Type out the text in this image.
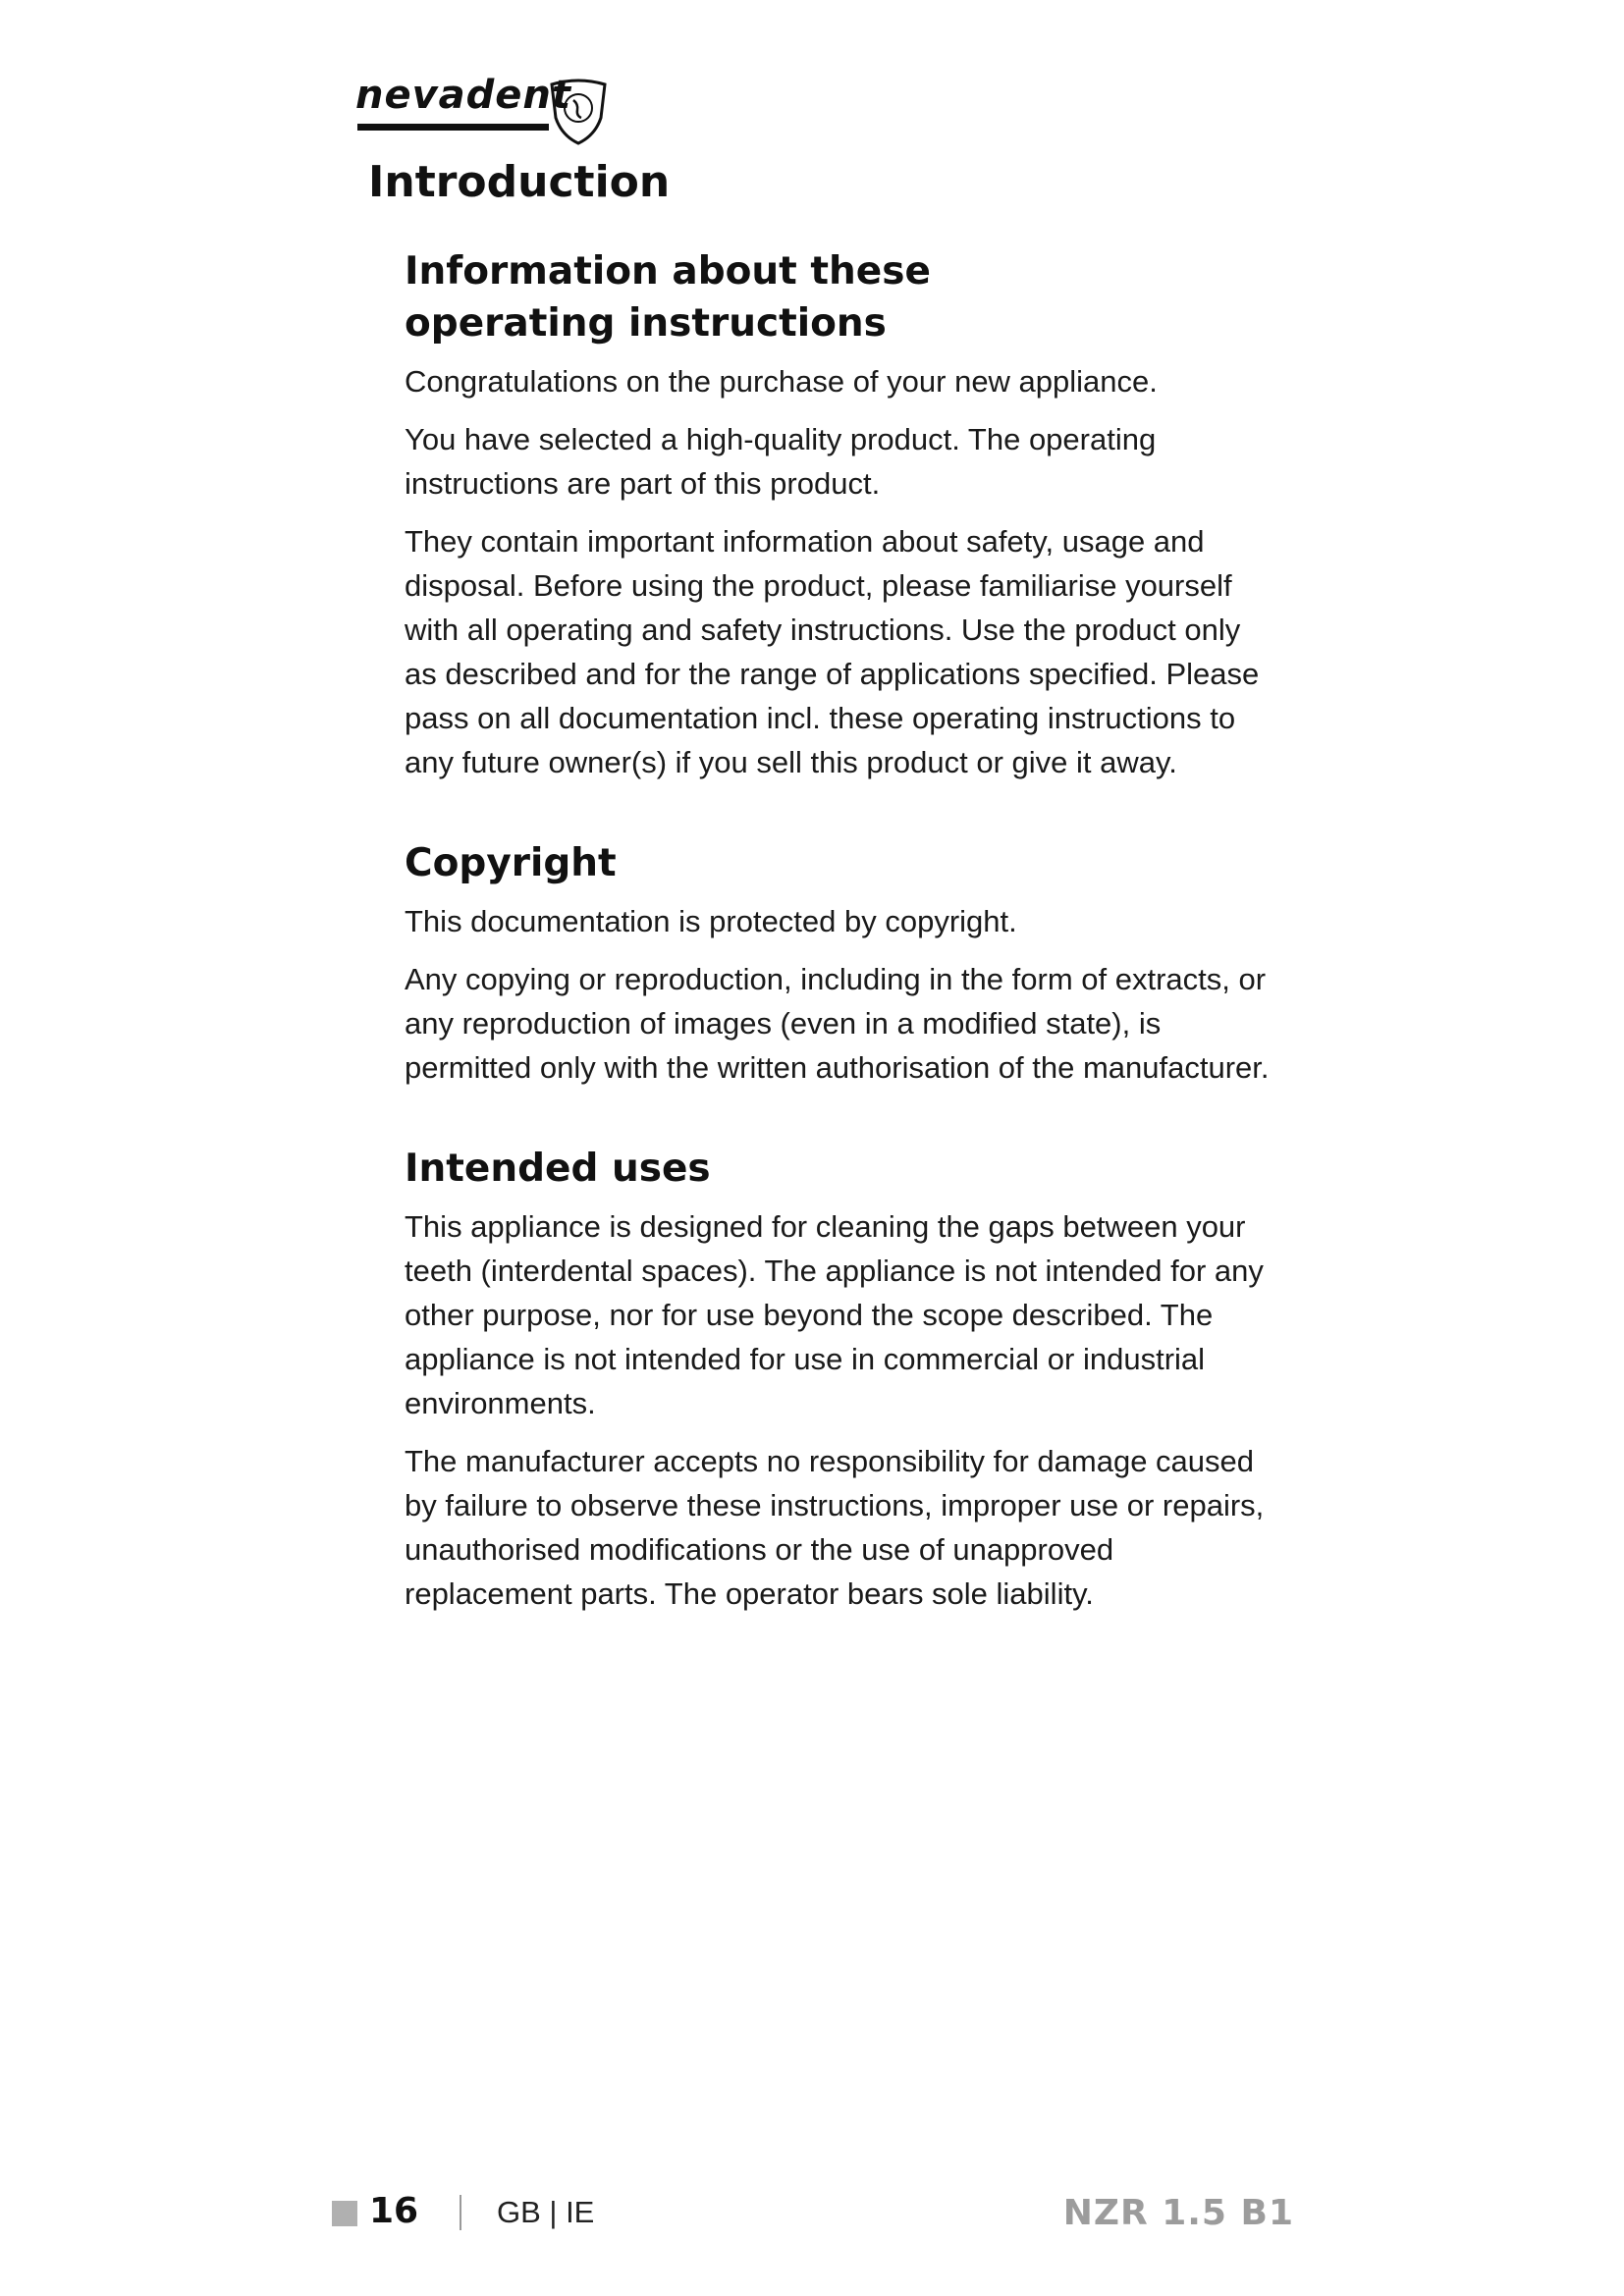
nevadent
PROFESSIONAL CARE
Introduction
Information about these operating instructions

Congratulations on the purchase of your new appliance.

You have selected a high-quality product. The operating instructions are part of this product.

They contain important information about safety, usage and disposal. Before using the product, please familiarise yourself with all operating and safety instructions. Use the product only as described and for the range of applications specified. Please pass on all documentation incl. these operating instructions to any future owner(s) if you sell this product or give it away.

Copyright

This documentation is protected by copyright.

Any copying or reproduction, including in the form of extracts, or any reproduction of images (even in a modified state), is permitted only with the written authorisation of the manufacturer.

Intended uses

This appliance is designed for cleaning the gaps between your teeth (interdental spaces). The appliance is not intended for any other purpose, nor for use beyond the scope described. The appliance is not intended for use in commercial or industrial environments.

The manufacturer accepts no responsibility for damage caused by failure to observe these instructions, improper use or repairs, unauthorised modifications or the use of unapproved replacement parts. The operator bears sole liability.

16	GB | IE	NZR 1.5 B1
